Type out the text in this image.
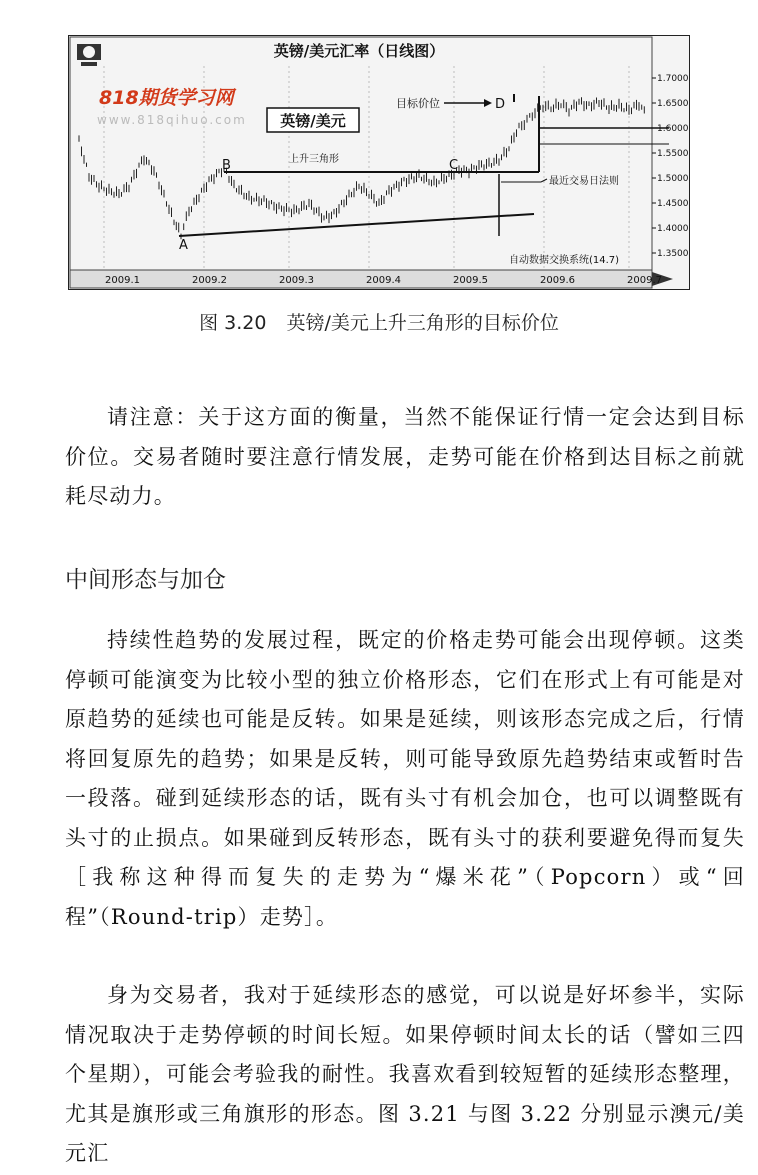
英镑/美元汇率（日线图）
818期货学习网
www.818qihuo.com 英镑/美元
目标价位
上升三角形
最近交易日法则
自动数据交换系统(14.7)
A
B	C
D
1.7000
1.6500
1.6000
1.5500
1.5000
1.4500
1.4000
1.3500
2009.1	2009.2	2009.3	2009.4	2009.5	2009.6	2009.7
图 3.20 英镑/美元上升三角形的目标价位

请注意：关于这方面的衡量，当然不能保证行情一定会达到目标价位。交易者随时要注意行情发展，走势可能在价格到达目标之前就耗尽动力。

中间形态与加仓

持续性趋势的发展过程，既定的价格走势可能会出现停顿。这类停顿可能演变为比较小型的独立价格形态，它们在形式上有可能是对原趋势的延续也可能是反转。如果是延续，则该形态完成之后，行情将回复原先的趋势；如果是反转，则可能导致原先趋势结束或暂时告一段落。碰到延续形态的话，既有头寸有机会加仓，也可以调整既有头寸的止损点。如果碰到反转形态，既有头寸的获利要避免得而复失［我称这种得而复失的走势为“爆米花”（Popcorn）或“回程”（Round-trip）走势］。

身为交易者，我对于延续形态的感觉，可以说是好坏参半，实际情况取决于走势停顿的时间长短。如果停顿时间太长的话（譬如三四个星期），可能会考验我的耐性。我喜欢看到较短暂的延续形态整理，尤其是旗形或三角旗形的形态。图 3.21 与图 3.22 分别显示澳元/美元汇
